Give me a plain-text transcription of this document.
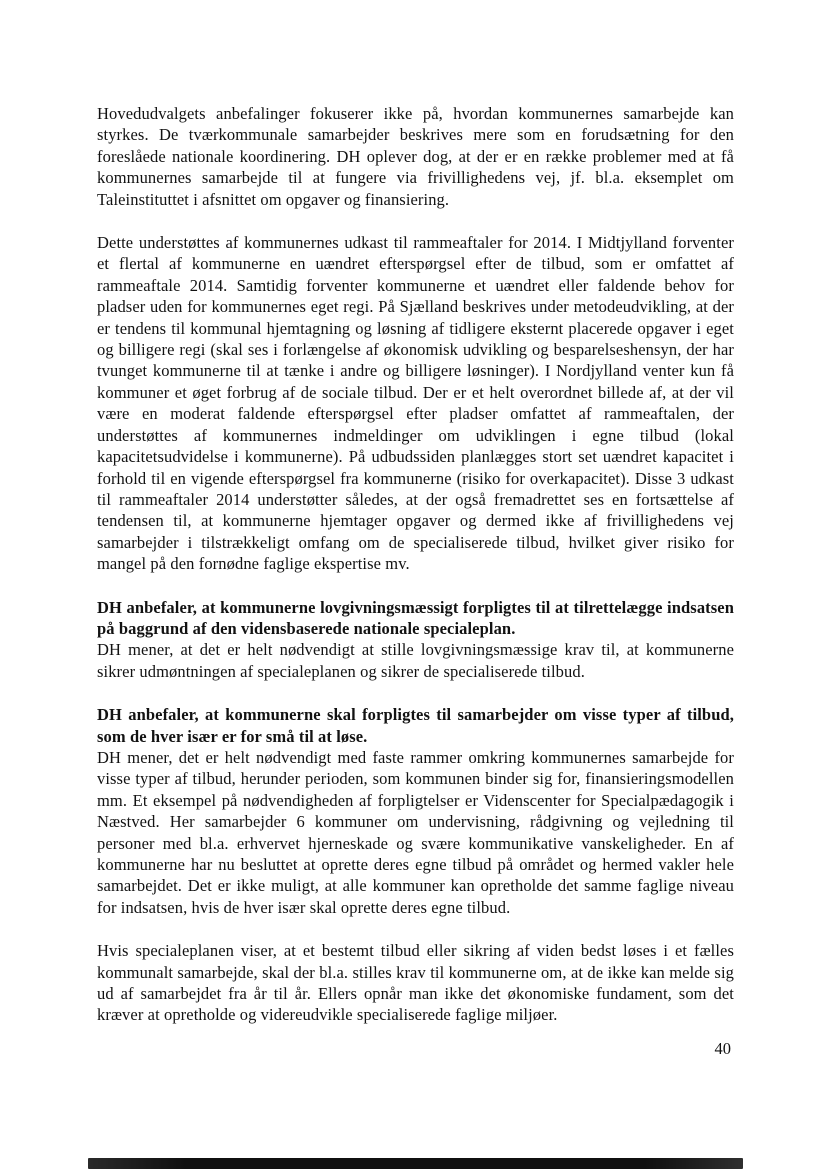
Hovedudvalgets anbefalinger fokuserer ikke på, hvordan kommunernes samarbejde kan styrkes. De tværkommunale samarbejder beskrives mere som en forudsætning for den foreslåede nationale koordinering. DH oplever dog, at der er en række problemer med at få kommunernes samarbejde til at fungere via frivillighedens vej, jf. bl.a. eksemplet om Taleinstituttet i afsnittet om opgaver og finansiering.

Dette understøttes af kommunernes udkast til rammeaftaler for 2014. I Midtjylland forventer et flertal af kommunerne en uændret efterspørgsel efter de tilbud, som er omfattet af rammeaftale 2014. Samtidig forventer kommunerne et uændret eller faldende behov for pladser uden for kommunernes eget regi. På Sjælland beskrives under metodeudvikling, at der er tendens til kommunal hjemtagning og løsning af tidligere eksternt placerede opgaver i eget og billigere regi (skal ses i forlængelse af økonomisk udvikling og besparelseshensyn, der har tvunget kommunerne til at tænke i andre og billigere løsninger). I Nordjylland venter kun få kommuner et øget forbrug af de sociale tilbud. Der er et helt overordnet billede af, at der vil være en moderat faldende efterspørgsel efter pladser omfattet af rammeaftalen, der understøttes af kommunernes indmeldinger om udviklingen i egne tilbud (lokal kapacitetsudvidelse i kommunerne). På udbudssiden planlægges stort set uændret kapacitet i forhold til en vigende efterspørgsel fra kommunerne (risiko for overkapacitet). Disse 3 udkast til rammeaftaler 2014 understøtter således, at der også fremadrettet ses en fortsættelse af tendensen til, at kommunerne hjemtager opgaver og dermed ikke af frivillighedens vej samarbejder i tilstrækkeligt omfang om de specialiserede tilbud, hvilket giver risiko for mangel på den fornødne faglige ekspertise mv.

DH anbefaler, at kommunerne lovgivningsmæssigt forpligtes til at tilrettelægge indsatsen på baggrund af den vidensbaserede nationale specialeplan.

DH mener, at det er helt nødvendigt at stille lovgivningsmæssige krav til, at kommunerne sikrer udmøntningen af specialeplanen og sikrer de specialiserede tilbud.

DH anbefaler, at kommunerne skal forpligtes til samarbejder om visse typer af tilbud, som de hver især er for små til at løse.

DH mener, det er helt nødvendigt med faste rammer omkring kommunernes samarbejde for visse typer af tilbud, herunder perioden, som kommunen binder sig for, finansieringsmodellen mm. Et eksempel på nødvendigheden af forpligtelser er Videnscenter for Specialpædagogik i Næstved. Her samarbejder 6 kommuner om undervisning, rådgivning og vejledning til personer med bl.a. erhvervet hjerneskade og svære kommunikative vanskeligheder. En af kommunerne har nu besluttet at oprette deres egne tilbud på området og hermed vakler hele samarbejdet. Det er ikke muligt, at alle kommuner kan opretholde det samme faglige niveau for indsatsen, hvis de hver især skal oprette deres egne tilbud.

Hvis specialeplanen viser, at et bestemt tilbud eller sikring af viden bedst løses i et fælles kommunalt samarbejde, skal der bl.a. stilles krav til kommunerne om, at de ikke kan melde sig ud af samarbejdet fra år til år. Ellers opnår man ikke det økonomiske fundament, som det kræver at opretholde og videreudvikle specialiserede faglige miljøer.

40
